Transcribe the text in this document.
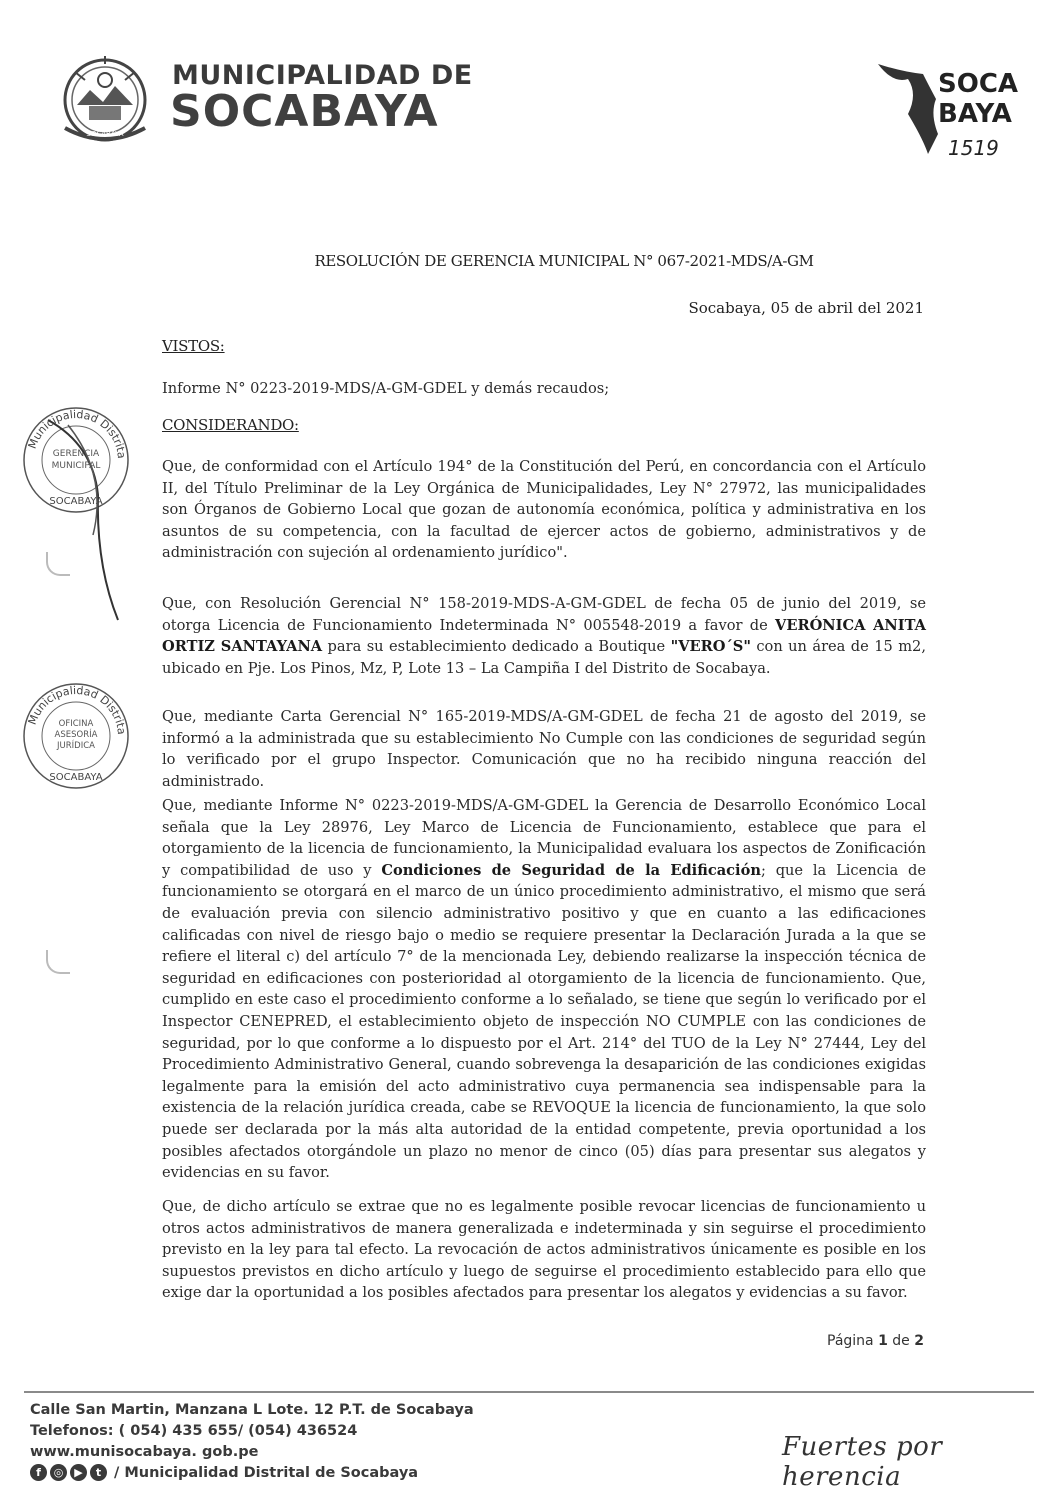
SOCABAYA
MUNICIPALIDAD DE
SOCABAYA
SOCA
BAYA
1519
RESOLUCIÓN DE GERENCIA MUNICIPAL N° 067-2021-MDS/A-GM
Socabaya, 05 de abril del 2021
VISTOS:
Informe N° 0223-2019-MDS/A-GM-GDEL y demás recaudos;
CONSIDERANDO:
Que, de conformidad con el Artículo 194° de la Constitución del Perú, en concordancia con el Artículo II, del Título Preliminar de la Ley Orgánica de Municipalidades, Ley N° 27972, las municipalidades son Órganos de Gobierno Local que gozan de autonomía económica, política y administrativa en los asuntos de su competencia, con la facultad de ejercer actos de gobierno, administrativos y de administración con sujeción al ordenamiento jurídico".
Que, con Resolución Gerencial N° 158-2019-MDS-A-GM-GDEL de fecha 05 de junio del 2019, se otorga Licencia de Funcionamiento Indeterminada N° 005548-2019 a favor de VERÓNICA ANITA ORTIZ SANTAYANA para su establecimiento dedicado a Boutique "VERO´S" con un área de 15 m2, ubicado en Pje. Los Pinos, Mz, P, Lote 13 – La Campiña I del Distrito de Socabaya.
Que, mediante Carta Gerencial N° 165-2019-MDS/A-GM-GDEL de fecha 21 de agosto del 2019, se informó a la administrada que su establecimiento No Cumple con las condiciones de seguridad según lo verificado por el grupo Inspector. Comunicación que no ha recibido ninguna reacción del administrado.
Que, mediante Informe N° 0223-2019-MDS/A-GM-GDEL la Gerencia de Desarrollo Económico Local señala que la Ley 28976, Ley Marco de Licencia de Funcionamiento, establece que para el otorgamiento de la licencia de funcionamiento, la Municipalidad evaluara los aspectos de Zonificación y compatibilidad de uso y Condiciones de Seguridad de la Edificación; que la Licencia de funcionamiento se otorgará en el marco de un único procedimiento administrativo, el mismo que será de evaluación previa con silencio administrativo positivo y que en cuanto a las edificaciones calificadas con nivel de riesgo bajo o medio se requiere presentar la Declaración Jurada a la que se refiere el literal c) del artículo 7° de la mencionada Ley, debiendo realizarse la inspección técnica de seguridad en edificaciones con posterioridad al otorgamiento de la licencia de funcionamiento. Que, cumplido en este caso el procedimiento conforme a lo señalado, se tiene que según lo verificado por el Inspector CENEPRED, el establecimiento objeto de inspección NO CUMPLE con las condiciones de seguridad, por lo que conforme a lo dispuesto por el Art. 214° del TUO de la Ley N° 27444, Ley del Procedimiento Administrativo General, cuando sobrevenga la desaparición de las condiciones exigidas legalmente para la emisión del acto administrativo cuya permanencia sea indispensable para la existencia de la relación jurídica creada, cabe se REVOQUE la licencia de funcionamiento, la que solo puede ser declarada por la más alta autoridad de la entidad competente, previa oportunidad a los posibles afectados otorgándole un plazo no menor de cinco (05) días para presentar sus alegatos y evidencias en su favor.
Que, de dicho artículo se extrae que no es legalmente posible revocar licencias de funcionamiento u otros actos administrativos de manera generalizada e indeterminada y sin seguirse el procedimiento previsto en la ley para tal efecto. La revocación de actos administrativos únicamente es posible en los supuestos previstos en dicho artículo y luego de seguirse el procedimiento establecido para ello que exige dar la oportunidad a los posibles afectados para presentar los alegatos y evidencias a su favor.
Municipalidad Distrita
GERENCIA
MUNICIPAL
SOCABAYA
Municipalidad Distrita
OFICINA
ASESORÍA
JURÍDICA
SOCABAYA
Página 1 de 2
Calle San Martin, Manzana L Lote. 12 P.T. de Socabaya
Telefonos: ( 054) 435 655/ (054) 436524
www.munisocabaya. gob.pe
f	◎ ▶	t / Municipalidad Distrital de Socabaya
Fuertes por herencia
